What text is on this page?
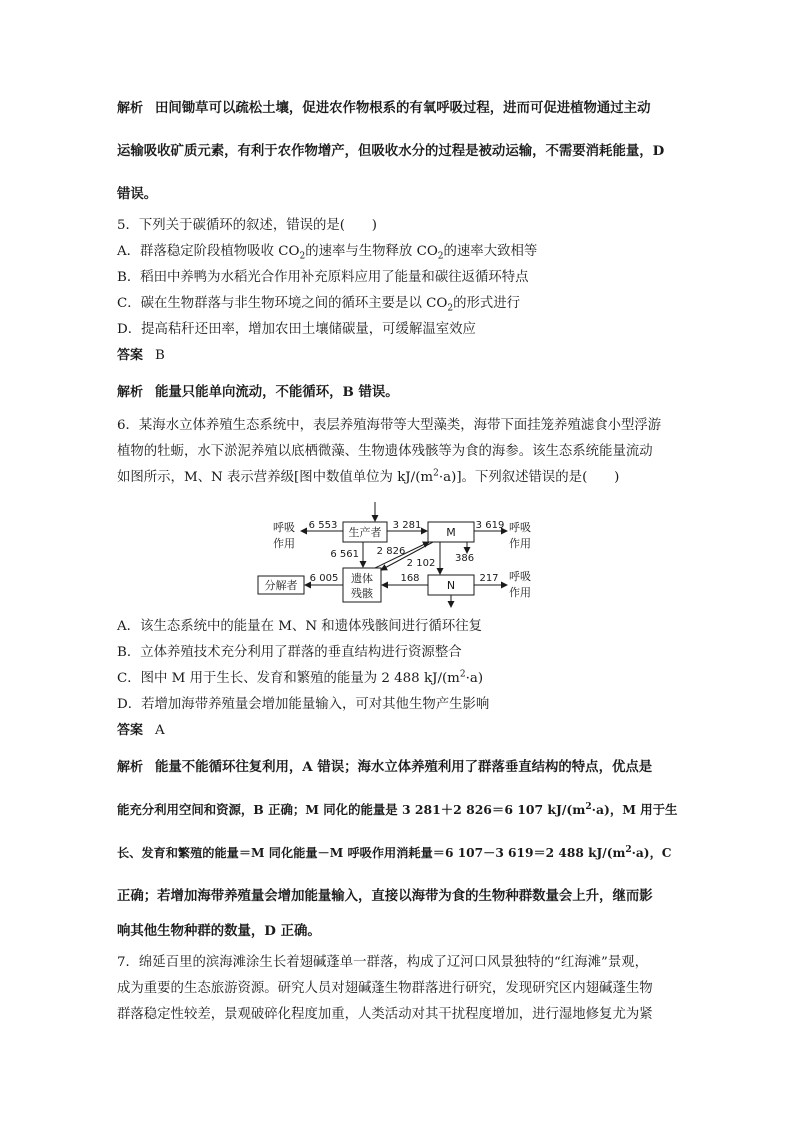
解析 田间锄草可以疏松土壤，促进农作物根系的有氧呼吸过程，进而可促进植物通过主动
运输吸收矿质元素，有利于农作物增产，但吸收水分的过程是被动运输，不需要消耗能量，D
错误。
5．下列关于碳循环的叙述，错误的是(　　)
A．群落稳定阶段植物吸收 $CO_2$的速率与生物释放 $CO_2$的速率大致相等
B．稻田中养鸭为水稻光合作用补充原料应用了能量和碳往返循环特点
C．碳在生物群落与非生物环境之间的循环主要是以 $CO_2$的形式进行
D．提高秸秆还田率，增加农田土壤储碳量，可缓解温室效应
答案 B
解析 能量只能单向流动，不能循环，B 错误。
6．某海水立体养殖生态系统中，表层养殖海带等大型藻类，海带下面挂笼养殖滤食小型浮游
植物的牡蛎，水下淤泥养殖以底栖微藻、生物遗体残骸等为食的海参。该生态系统能量流动
如图所示，M、N 表示营养级[图中数值单位为 $kJ/(m^2\cdot a)$]。下列叙述错误的是(　　)
生产者	M
N
遗体
残骸
分解者
呼吸
作用
呼吸
作用
呼吸
作用
6 553	3 281	3 619
6 561 2 826
2 102 386
6 005	168	217
A．该生态系统中的能量在 M、N 和遗体残骸间进行循环往复
B．立体养殖技术充分利用了群落的垂直结构进行资源整合
C．图中 M 用于生长、发育和繁殖的能量为 2 488 $kJ/(m^2\cdot a)$
D．若增加海带养殖量会增加能量输入，可对其他生物产生影响
答案 A
解析 能量不能循环往复利用，A 错误；海水立体养殖利用了群落垂直结构的特点，优点是
能充分利用空间和资源，B 正确；M 同化的能量是 3 281＋2 826＝6 107 $kJ/(m^2\cdot a)$，M 用于生
长、发育和繁殖的能量＝M 同化能量－M 呼吸作用消耗量＝6 107－3 619＝2 488 $kJ/(m^2\cdot a)$，C
正确；若增加海带养殖量会增加能量输入，直接以海带为食的生物种群数量会上升，继而影
响其他生物种群的数量，D 正确。
7．绵延百里的滨海滩涂生长着翅碱蓬单一群落，构成了辽河口风景独特的“红海滩”景观，
成为重要的生态旅游资源。研究人员对翅碱蓬生物群落进行研究，发现研究区内翅碱蓬生物
群落稳定性较差，景观破碎化程度加重，人类活动对其干扰程度增加，进行湿地修复尤为紧
